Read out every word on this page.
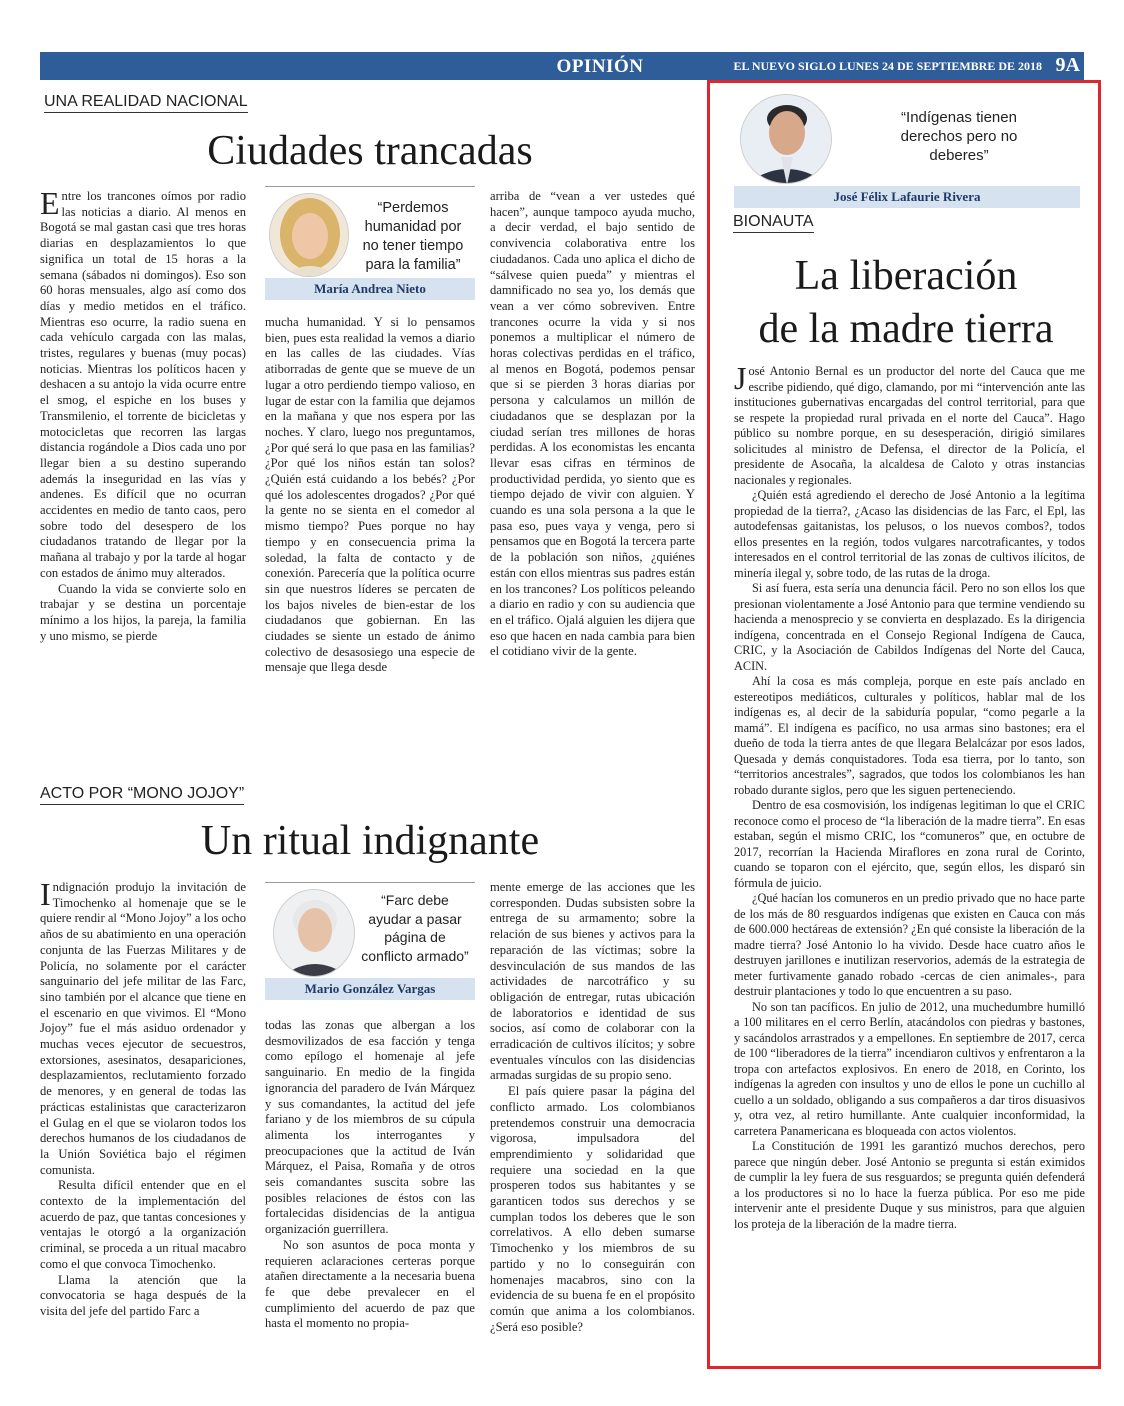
OPINIÓN	EL NUEVO SIGLO LUNES 24 DE SEPTIEMBRE DE 2018 9A
UNA REALIDAD NACIONAL
Ciudades trancadas

Entre los trancones oímos por radio las noticias a diario. Al menos en Bogotá se mal gastan casi que tres horas diarias en desplazamientos lo que significa un total de 15 horas a la semana (sábados ni domingos). Eso son 60 horas mensuales, algo así como dos días y medio metidos en el tráfico. Mientras eso ocurre, la radio suena en cada vehículo cargada con las malas, tristes, regulares y buenas (muy pocas) noticias. Mientras los políticos hacen y deshacen a su antojo la vida ocurre entre el smog, el espiche en los buses y Transmilenio, el torrente de bicicletas y motocicletas que recorren las largas distancia rogándole a Dios cada uno por llegar bien a su destino superando además la inseguridad en las vías y andenes. Es difícil que no ocurran accidentes en medio de tanto caos, pero sobre todo del desespero de los ciudadanos tratando de llegar por la mañana al trabajo y por la tarde al hogar con estados de ánimo muy alterados.

Cuando la vida se convierte solo en trabajar y se destina un porcentaje mínimo a los hijos, la pareja, la familia y uno mismo, se pierde

“Perdemos humanidad por no tener tiempo para la familia”
María Andrea Nieto

mucha humanidad. Y si lo pensamos bien, pues esta realidad la vemos a diario en las calles de las ciudades. Vías atiborradas de gente que se mueve de un lugar a otro perdiendo tiempo valioso, en lugar de estar con la familia que dejamos en la mañana y que nos espera por las noches. Y claro, luego nos preguntamos, ¿Por qué será lo que pasa en las familias? ¿Por qué los niños están tan solos? ¿Quién está cuidando a los bebés? ¿Por qué los adolescentes drogados? ¿Por qué la gente no se sienta en el comedor al mismo tiempo? Pues porque no hay tiempo y en consecuencia prima la soledad, la falta de contacto y de conexión. Parecería que la política ocurre sin que nuestros líderes se percaten de los bajos niveles de bien-estar de los ciudadanos que gobiernan. En las ciudades se siente un estado de ánimo colectivo de desasosiego una especie de mensaje que llega desde

arriba de “vean a ver ustedes qué hacen”, aunque tampoco ayuda mucho, a decir verdad, el bajo sentido de convivencia colaborativa entre los ciudadanos. Cada uno aplica el dicho de “sálvese quien pueda” y mientras el damnificado no sea yo, los demás que vean a ver cómo sobreviven. Entre trancones ocurre la vida y si nos ponemos a multiplicar el número de horas colectivas perdidas en el tráfico, al menos en Bogotá, podemos pensar que si se pierden 3 horas diarias por persona y calculamos un millón de ciudadanos que se desplazan por la ciudad serían tres millones de horas perdidas. A los economistas les encanta llevar esas cifras en términos de productividad perdida, yo siento que es tiempo dejado de vivir con alguien. Y cuando es una sola persona a la que le pasa eso, pues vaya y venga, pero si pensamos que en Bogotá la tercera parte de la población son niños, ¿quiénes están con ellos mientras sus padres están en los trancones? Los políticos peleando a diario en radio y con su audiencia que en el tráfico. Ojalá alguien les dijera que eso que hacen en nada cambia para bien el cotidiano vivir de la gente.

ACTO POR “MONO JOJOY”
Un ritual indignante

Indignación produjo la invitación de Timochenko al homenaje que se le quiere rendir al “Mono Jojoy” a los ocho años de su abatimiento en una operación conjunta de las Fuerzas Militares y de Policía, no solamente por el carácter sanguinario del jefe militar de las Farc, sino también por el alcance que tiene en el escenario en que vivimos. El “Mono Jojoy” fue el más asiduo ordenador y muchas veces ejecutor de secuestros, extorsiones, asesinatos, desapariciones, desplazamientos, reclutamiento forzado de menores, y en general de todas las prácticas estalinistas que caracterizaron el Gulag en el que se violaron todos los derechos humanos de los ciudadanos de la Unión Soviética bajo el régimen comunista.

Resulta difícil entender que en el contexto de la implementación del acuerdo de paz, que tantas concesiones y ventajas le otorgó a la organización criminal, se proceda a un ritual macabro como el que convoca Timochenko.

Llama la atención que la convocatoria se haga después de la visita del jefe del partido Farc a

“Farc debe ayudar a pasar página de conflicto armado”
Mario González Vargas

todas las zonas que albergan a los desmovilizados de esa facción y tenga como epílogo el homenaje al jefe sanguinario. En medio de la fingida ignorancia del paradero de Iván Márquez y sus comandantes, la actitud del jefe fariano y de los miembros de su cúpula alimenta los interrogantes y preocupaciones que la actitud de Iván Márquez, el Paisa, Romaña y de otros seis comandantes suscita sobre las posibles relaciones de éstos con las fortalecidas disidencias de la antigua organización guerrillera.

No son asuntos de poca monta y requieren aclaraciones certeras porque atañen directamente a la necesaria buena fe que debe prevalecer en el cumplimiento del acuerdo de paz que hasta el momento no propia-

mente emerge de las acciones que les corresponden. Dudas subsisten sobre la entrega de su armamento; sobre la relación de sus bienes y activos para la reparación de las víctimas; sobre la desvinculación de sus mandos de las actividades de narcotráfico y su obligación de entregar, rutas ubicación de laboratorios e identidad de sus socios, así como de colaborar con la erradicación de cultivos ilícitos; y sobre eventuales vínculos con las disidencias armadas surgidas de su propio seno.

El país quiere pasar la página del conflicto armado. Los colombianos pretendemos construir una democracia vigorosa, impulsadora del emprendimiento y solidaridad que requiere una sociedad en la que prosperen todos sus habitantes y se garanticen todos sus derechos y se cumplan todos los deberes que le son correlativos. A ello deben sumarse Timochenko y los miembros de su partido y no lo conseguirán con homenajes macabros, sino con la evidencia de su buena fe en el propósito común que anima a los colombianos. ¿Será eso posible?

“Indígenas tienen derechos pero no deberes”
José Félix Lafaurie Rivera
BIONAUTA
La liberación
de la madre tierra

José Antonio Bernal es un productor del norte del Cauca que me escribe pidiendo, qué digo, clamando, por mi “intervención ante las instituciones gubernativas encargadas del control territorial, para que se respete la propiedad rural privada en el norte del Cauca”. Hago público su nombre porque, en su desesperación, dirigió similares solicitudes al ministro de Defensa, el director de la Policía, el presidente de Asocaña, la alcaldesa de Caloto y otras instancias nacionales y regionales.

¿Quién está agrediendo el derecho de José Antonio a la legítima propiedad de la tierra?, ¿Acaso las disidencias de las Farc, el Epl, las autodefensas gaitanistas, los pelusos, o los nuevos combos?, todos ellos presentes en la región, todos vulgares narcotraficantes, y todos interesados en el control territorial de las zonas de cultivos ilícitos, de minería ilegal y, sobre todo, de las rutas de la droga.

Si así fuera, esta sería una denuncia fácil. Pero no son ellos los que presionan violentamente a José Antonio para que termine vendiendo su hacienda a menosprecio y se convierta en desplazado. Es la dirigencia indígena, concentrada en el Consejo Regional Indígena de Cauca, CRIC, y la Asociación de Cabildos Indígenas del Norte del Cauca, ACIN.

Ahí la cosa es más compleja, porque en este país anclado en estereotipos mediáticos, culturales y políticos, hablar mal de los indígenas es, al decir de la sabiduría popular, “como pegarle a la mamá”. El indígena es pacífico, no usa armas sino bastones; era el dueño de toda la tierra antes de que llegara Belalcázar por esos lados, Quesada y demás conquistadores. Toda esa tierra, por lo tanto, son “territorios ancestrales”, sagrados, que todos los colombianos les han robado durante siglos, pero que les siguen perteneciendo.

Dentro de esa cosmovisión, los indígenas legitiman lo que el CRIC reconoce como el proceso de “la liberación de la madre tierra”. En esas estaban, según el mismo CRIC, los “comuneros” que, en octubre de 2017, recorrían la Hacienda Miraflores en zona rural de Corinto, cuando se toparon con el ejército, que, según ellos, les disparó sin fórmula de juicio.

¿Qué hacían los comuneros en un predio privado que no hace parte de los más de 80 resguardos indígenas que existen en Cauca con más de 600.000 hectáreas de extensión? ¿En qué consiste la liberación de la madre tierra? José Antonio lo ha vivido. Desde hace cuatro años le destruyen jarillones e inutilizan reservorios, además de la estrategia de meter furtivamente ganado robado -cercas de cien animales-, para destruir plantaciones y todo lo que encuentren a su paso.

No son tan pacíficos. En julio de 2012, una muchedumbre humilló a 100 militares en el cerro Berlín, atacándolos con piedras y bastones, y sacándolos arrastrados y a empellones. En septiembre de 2017, cerca de 100 “liberadores de la tierra” incendiaron cultivos y enfrentaron a la tropa con artefactos explosivos. En enero de 2018, en Corinto, los indígenas la agreden con insultos y uno de ellos le pone un cuchillo al cuello a un soldado, obligando a sus compañeros a dar tiros disuasivos y, otra vez, al retiro humillante. Ante cualquier inconformidad, la carretera Panamericana es bloqueada con actos violentos.

La Constitución de 1991 les garantizó muchos derechos, pero parece que ningún deber. José Antonio se pregunta si están eximidos de cumplir la ley fuera de sus resguardos; se pregunta quién defenderá a los productores si no lo hace la fuerza pública. Por eso me pide intervenir ante el presidente Duque y sus ministros, para que alguien los proteja de la liberación de la madre tierra.
